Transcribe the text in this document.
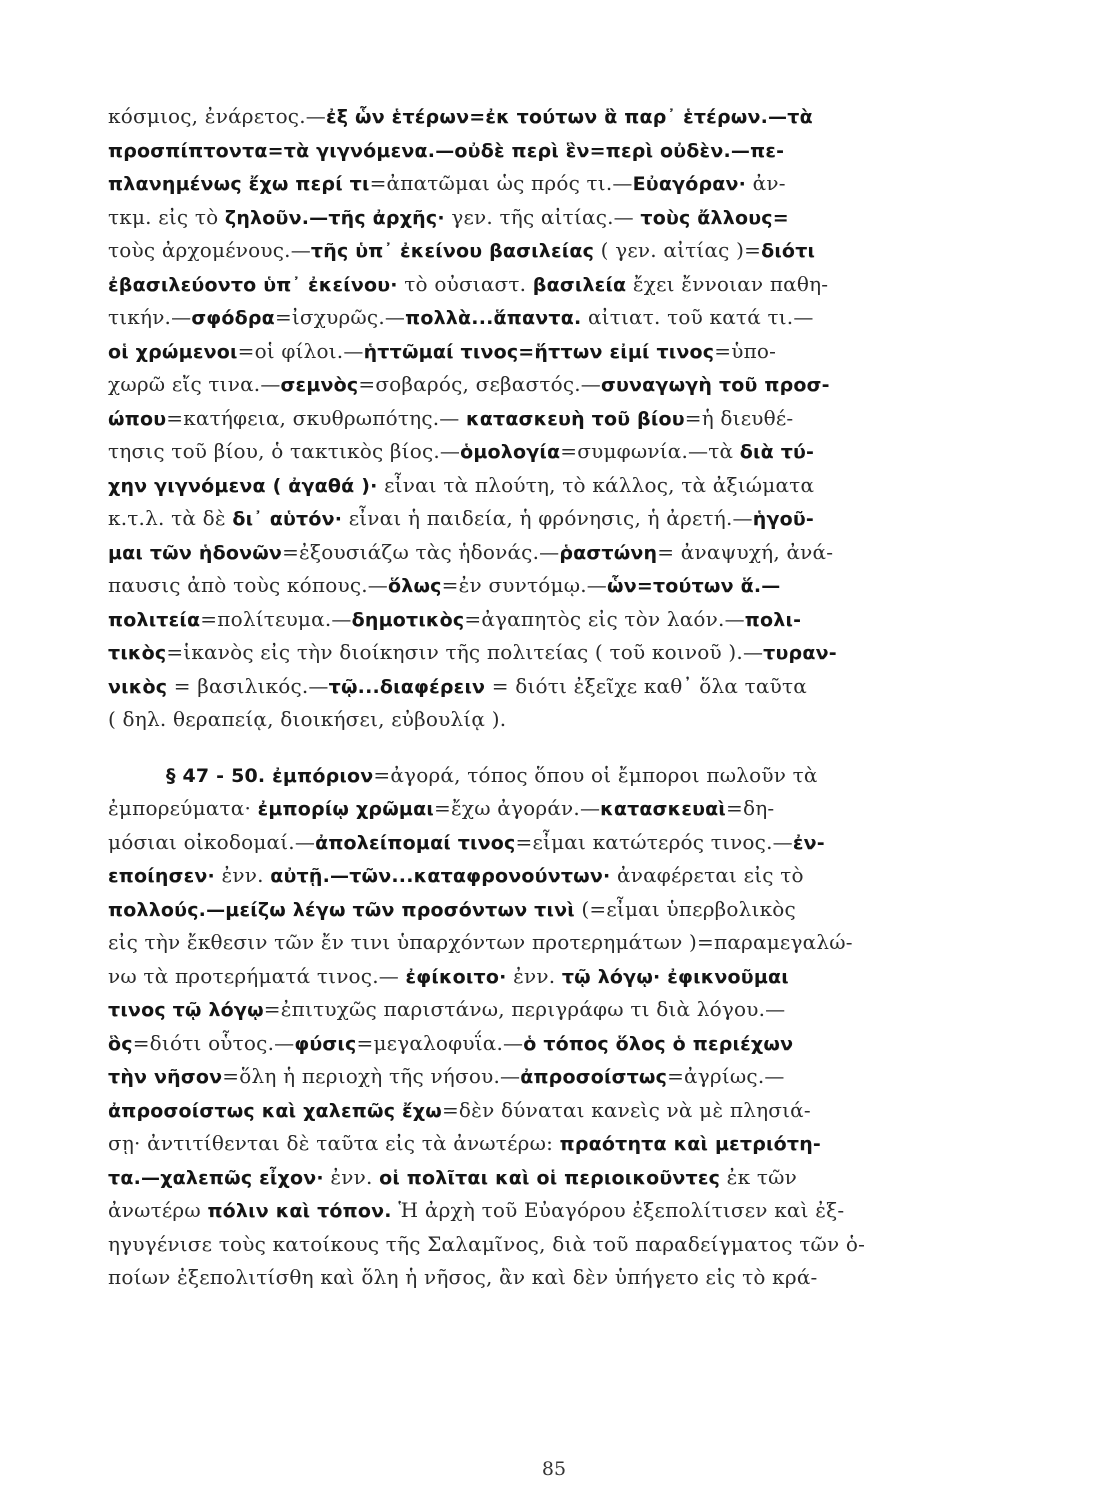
κόσμιος, ἐνάρετος.—ἐξ ὧν ἑτέρων=ἐκ τούτων ἃ παρ᾿ ἑτέρων.—τὰ
προσπίπτοντα=τὰ γιγνόμενα.—οὐδὲ περὶ ἓν=περὶ οὐδὲν.—πε-
πλανημένως ἔχω περί τι=ἀπατῶμαι ὡς πρός τι.—Εὐαγόραν· ἀν-
τκμ. εἰς τὸ ζηλοῦν.—τῆς ἀρχῆς· γεν. τῆς αἰτίας.— τοὺς ἄλλους=
τοὺς ἀρχομένους.—τῆς ὑπ᾿ ἐκείνου βασιλείας ( γεν. αἰτίας )=διότι
ἐβασιλεύοντο ὑπ᾿ ἐκείνου· τὸ οὐσιαστ. βασιλεία ἔχει ἔννοιαν παθη-
τικήν.—σφόδρα=ἰσχυρῶς.—πολλὰ...ἅπαντα. αἰτιατ. τοῦ κατά τι.—
οἱ χρώμενοι=οἱ φίλοι.—ἡττῶμαί τινος=ἥττων εἰμί τινος=ὑπο-
χωρῶ εἴς τινα.—σεμνὸς=σοβαρός, σεβαστός.—συναγωγὴ τοῦ προσ-
ώπου=κατήφεια, σκυθρωπότης.— κατασκευὴ τοῦ βίου=ἡ διευθέ-
τησις τοῦ βίου, ὁ τακτικὸς βίος.—ὁμολογία=συμφωνία.—τὰ διὰ τύ-
χην γιγνόμενα ( ἀγαθά )· εἶναι τὰ πλούτη, τὸ κάλλος, τὰ ἀξιώματα
κ.τ.λ. τὰ δὲ δι᾿ αὑτόν· εἶναι ἡ παιδεία, ἡ φρόνησις, ἡ ἀρετή.—ἡγοῦ-
μαι τῶν ἡδονῶν=ἐξουσιάζω τὰς ἡδονάς.—ῥαστώνη= ἀναψυχή, ἀνά-
παυσις ἀπὸ τοὺς κόπους.—ὅλως=ἐν συντόμῳ.—ὧν=τούτων ἅ.—
πολιτεία=πολίτευμα.—δημοτικὸς=ἀγαπητὸς εἰς τὸν λαόν.—πολι-
τικὸς=ἱκανὸς εἰς τὴν διοίκησιν τῆς πολιτείας ( τοῦ κοινοῦ ).—τυραν-
νικὸς = βασιλικός.—τῷ...διαφέρειν = διότι ἐξεῖχε καθ᾿ ὅλα ταῦτα
( δηλ. θεραπείᾳ, διοικήσει, εὐβουλίᾳ ).
§ 47 - 50. ἐμπόριον=ἀγορά, τόπος ὅπου οἱ ἔμποροι πωλοῦν τὰ
ἐμπορεύματα· ἐμπορίῳ χρῶμαι=ἔχω ἀγοράν.—κατασκευαὶ=δη-
μόσιαι οἰκοδομαί.—ἀπολείπομαί τινος=εἶμαι κατώτερός τινος.—ἐν-
εποίησεν· ἐνν. αὐτῇ.—τῶν...καταφρονούντων· ἀναφέρεται εἰς τὸ
πολλούς.—μείζω λέγω τῶν προσόντων τινὶ (=εἶμαι ὑπερβολικὸς
εἰς τὴν ἔκθεσιν τῶν ἔν τινι ὑπαρχόντων προτερημάτων )=παραμεγαλώ-
νω τὰ προτερήματά τινος.— ἐφίκοιτο· ἐνν. τῷ λόγῳ· ἐφικνοῦμαι
τινος τῷ λόγῳ=ἐπιτυχῶς παριστάνω, περιγράφω τι διὰ λόγου.—
ὃς=διότι οὗτος.—φύσις=μεγαλοφυΐα.—ὁ τόπος ὅλος ὁ περιέχων
τὴν νῆσον=ὅλη ἡ περιοχὴ τῆς νήσου.—ἀπροσοίστως=ἀγρίως.—
ἀπροσοίστως καὶ χαλεπῶς ἔχω=δὲν δύναται κανεὶς νὰ μὲ πλησιά-
σῃ· ἀντιτίθενται δὲ ταῦτα εἰς τὰ ἀνωτέρω: πραότητα καὶ μετριότη-
τα.—χαλεπῶς εἶχον· ἐνν. οἱ πολῖται καὶ οἱ περιοικοῦντες ἐκ τῶν
ἀνωτέρω πόλιν καὶ τόπον. Ἡ ἀρχὴ τοῦ Εὐαγόρου ἐξεπολίτισεν καὶ ἐξ-
ηγυγένισε τοὺς κατοίκους τῆς Σαλαμῖνος, διὰ τοῦ παραδείγματος τῶν ὁ-
ποίων ἐξεπολιτίσθη καὶ ὅλη ἡ νῆσος, ἂν καὶ δὲν ὑπήγετο εἰς τὸ κρά-
85
